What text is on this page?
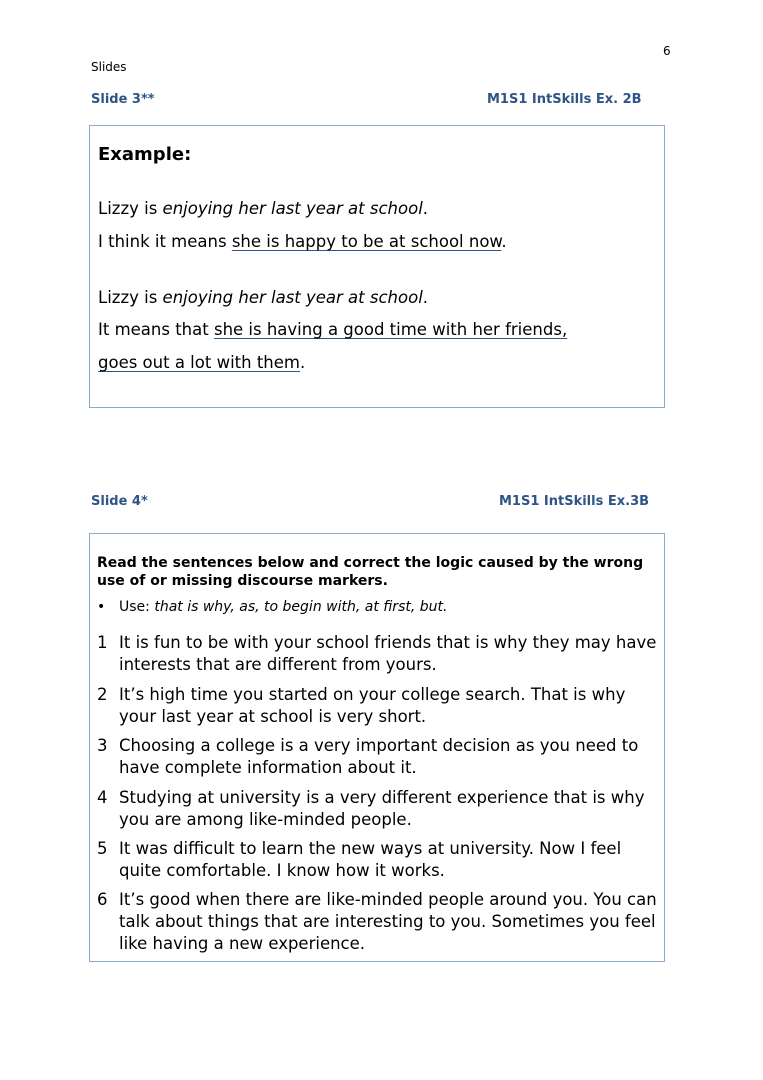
6
Slides
Slide 3**	M1S1 IntSkills Ex. 2B

Example:

Lizzy is enjoying her last year at school.
I think it means she is happy to be at school now.
Lizzy is enjoying her last year at school.
It means that she is having a good time with her friends,
goes out a lot with them.
Slide 4*	M1S1 IntSkills Ex.3B
Read the sentences below and correct the logic caused by the wrong use of or missing discourse markers.
• Use: that is why, as, to begin with, at first, but.
1 It is fun to be with your school friends that is why they may have interests that are different from yours.
2 It’s high time you started on your college search. That is why your last year at school is very short.
3 Choosing a college is a very important decision as you need to have complete information about it.
4 Studying at university is a very different experience that is why you are among like-minded people.
5 It was difficult to learn the new ways at university. Now I feel quite comfortable. I know how it works.
6 It’s good when there are like-minded people around you. You can talk about things that are interesting to you. Sometimes you feel like having a new experience.
